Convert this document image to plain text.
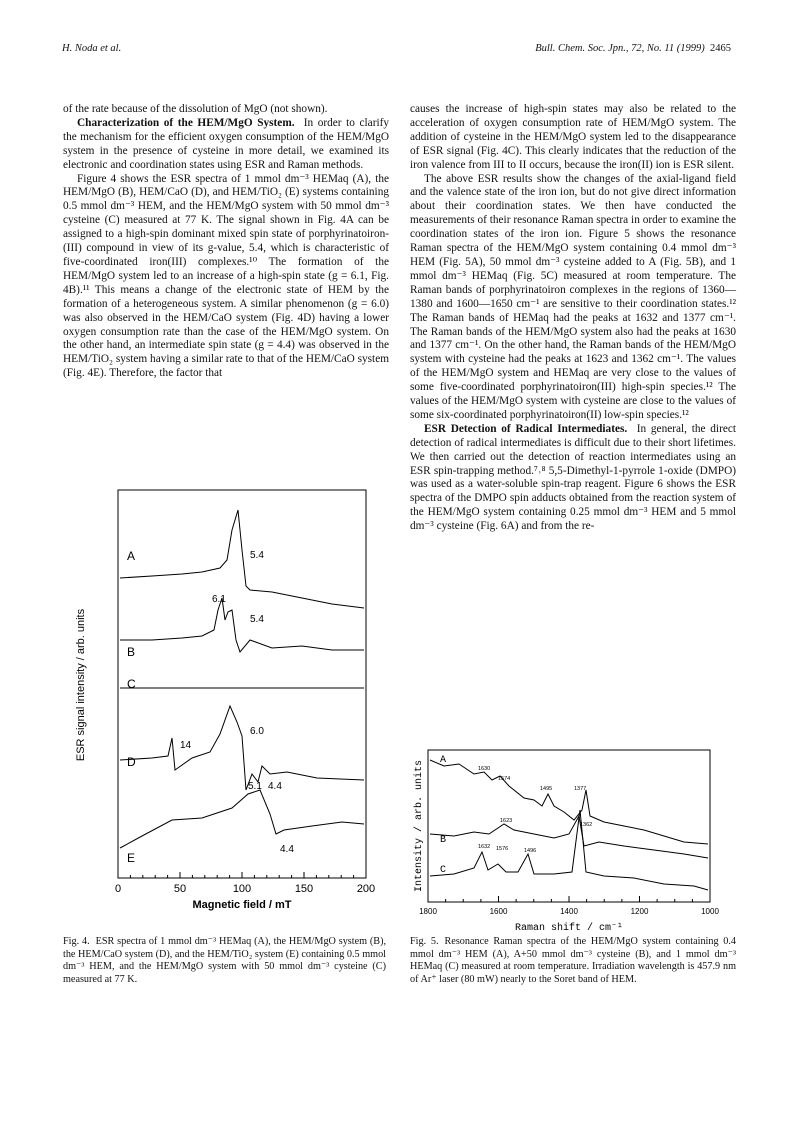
H. Noda et al.	Bull. Chem. Soc. Jpn., 72, No. 11 (1999) 2465

of the rate because of the dissolution of MgO (not shown).

Characterization of the HEM/MgO System. In order to clarify the mechanism for the efficient oxygen consumption of the HEM/MgO system in the presence of cysteine in more detail, we examined its electronic and coordination states using ESR and Raman methods.

Figure 4 shows the ESR spectra of 1 mmol dm⁻³ HEMaq (A), the HEM/MgO (B), HEM/CaO (D), and HEM/TiO₂ (E) systems containing 0.5 mmol dm⁻³ HEM, and the HEM/MgO system with 50 mmol dm⁻³ cysteine (C) measured at 77 K. The signal shown in Fig. 4A can be assigned to a high-spin dominant mixed spin state of porphyrinatoiron-(III) compound in view of its g-value, 5.4, which is characteristic of five-coordinated iron(III) complexes.¹⁰ The formation of the HEM/MgO system led to an increase of a high-spin state (g = 6.1, Fig. 4B).¹¹ This means a change of the electronic state of HEM by the formation of a heterogeneous system. A similar phenomenon (g = 6.0) was also observed in the HEM/CaO system (Fig. 4D) having a lower oxygen consumption rate than the case of the HEM/MgO system. On the other hand, an intermediate spin state (g = 4.4) was observed in the HEM/TiO₂ system having a similar rate to that of the HEM/CaO system (Fig. 4E). Therefore, the factor that

causes the increase of high-spin states may also be related to the acceleration of oxygen consumption rate of HEM/MgO system. The addition of cysteine in the HEM/MgO system led to the disappearance of ESR signal (Fig. 4C). This clearly indicates that the reduction of the iron valence from III to II occurs, because the iron(II) ion is ESR silent.

The above ESR results show the changes of the axial-ligand field and the valence state of the iron ion, but do not give direct information about their coordination states. We then have conducted the measurements of their resonance Raman spectra in order to examine the coordination states of the iron ion. Figure 5 shows the resonance Raman spectra of the HEM/MgO system containing 0.4 mmol dm⁻³ HEM (Fig. 5A), 50 mmol dm⁻³ cysteine added to A (Fig. 5B), and 1 mmol dm⁻³ HEMaq (Fig. 5C) measured at room temperature. The Raman bands of porphyrinatoiron complexes in the regions of 1360—1380 and 1600—1650 cm⁻¹ are sensitive to their coordination states.¹² The Raman bands of HEMaq had the peaks at 1632 and 1377 cm⁻¹. The Raman bands of the HEM/MgO system also had the peaks at 1630 and 1377 cm⁻¹. On the other hand, the Raman bands of the HEM/MgO system with cysteine had the peaks at 1623 and 1362 cm⁻¹. The values of the HEM/MgO system and HEMaq are very close to the values of some five-coordinated porphyrinatoiron(III) high-spin species.¹² The values of the HEM/MgO system with cysteine are close to the values of some six-coordinated porphyrinatoiron(II) low-spin species.¹²

ESR Detection of Radical Intermediates. In general, the direct detection of radical intermediates is difficult due to their short lifetimes. We then carried out the detection of reaction intermediates using an ESR spin-trapping method.⁷˒⁸ 5,5-Dimethyl-1-pyrrole 1-oxide (DMPO) was used as a water-soluble spin-trap reagent. Figure 6 shows the ESR spectra of the DMPO spin adducts obtained from the reaction system of the HEM/MgO system containing 0.25 mmol dm⁻³ HEM and 5 mmol dm⁻³ cysteine (Fig. 6A) and from the re-

0	50	100	150	200
ESR signal intensity / arb. units
Magnetic field / mT
A
B
C
D
E
5.4
6.1
5.4
14
6.0
5.1 4.4
4.4
Fig. 4. ESR spectra of 1 mmol dm⁻³ HEMaq (A), the HEM/MgO system (B), the HEM/CaO system (D), and the HEM/TiO₂ system (E) containing 0.5 mmol dm⁻³ HEM, and the HEM/MgO system with 50 mmol dm⁻³ cysteine (C) measured at 77 K.
1800	1600	1400	1200	1000
Intensity / arb. units
Raman shift / cm⁻¹
A
B
C
1630
1574
1495	1377
1623
1362
1632 1576	1496
Fig. 5. Resonance Raman spectra of the HEM/MgO system containing 0.4 mmol dm⁻³ HEM (A), A+50 mmol dm⁻³ cysteine (B), and 1 mmol dm⁻³ HEMaq (C) measured at room temperature. Irradiation wavelength is 457.9 nm of Ar⁺ laser (80 mW) nearly to the Soret band of HEM.
